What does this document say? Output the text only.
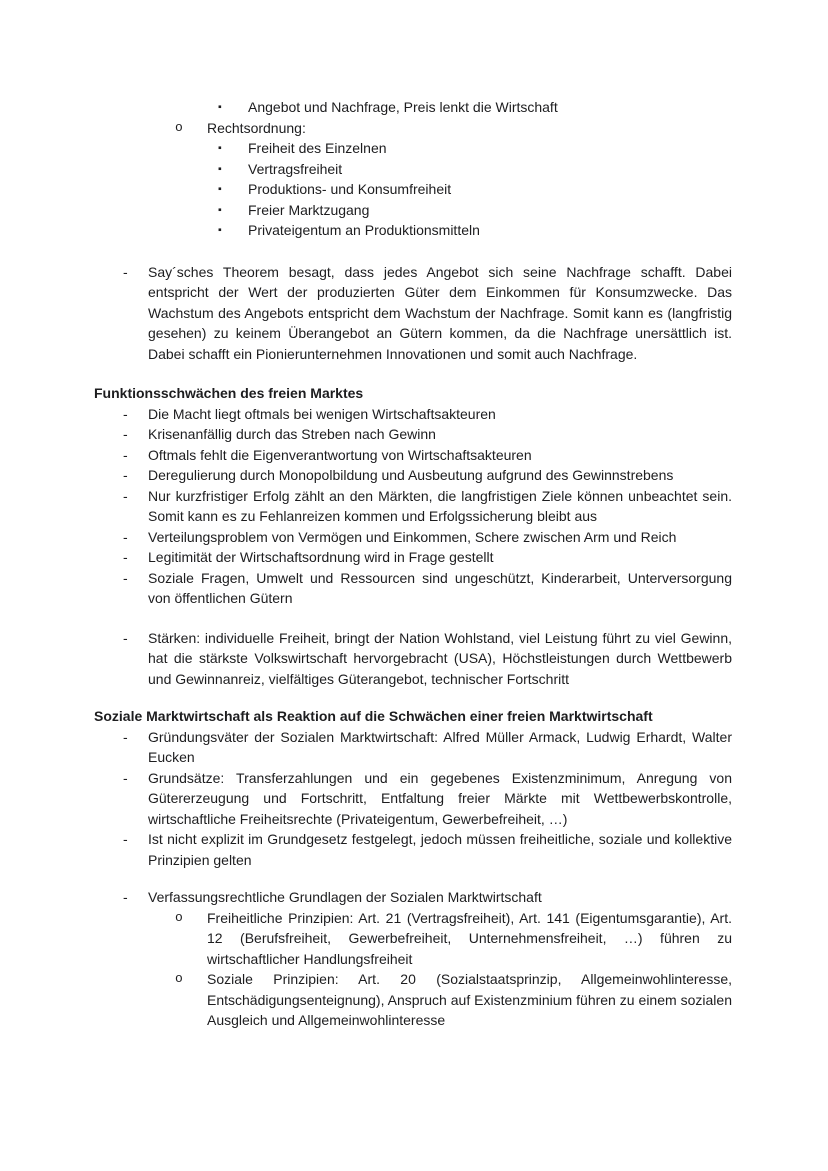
▪ Angebot und Nachfrage, Preis lenkt die Wirtschaft
o Rechtsordnung:
▪ Freiheit des Einzelnen
▪ Vertragsfreiheit
▪ Produktions- und Konsumfreiheit
▪ Freier Marktzugang
▪ Privateigentum an Produktionsmitteln
- Say´sches Theorem besagt, dass jedes Angebot sich seine Nachfrage schafft. Dabei entspricht der Wert der produzierten Güter dem Einkommen für Konsumzwecke. Das Wachstum des Angebots entspricht dem Wachstum der Nachfrage. Somit kann es (langfristig gesehen) zu keinem Überangebot an Gütern kommen, da die Nachfrage unersättlich ist. Dabei schafft ein Pionierunternehmen Innovationen und somit auch Nachfrage.
Funktionsschwächen des freien Marktes
- Die Macht liegt oftmals bei wenigen Wirtschaftsakteuren
- Krisenanfällig durch das Streben nach Gewinn
- Oftmals fehlt die Eigenverantwortung von Wirtschaftsakteuren
- Deregulierung durch Monopolbildung und Ausbeutung aufgrund des Gewinnstrebens
- Nur kurzfristiger Erfolg zählt an den Märkten, die langfristigen Ziele können unbeachtet sein. Somit kann es zu Fehlanreizen kommen und Erfolgssicherung bleibt aus
- Verteilungsproblem von Vermögen und Einkommen, Schere zwischen Arm und Reich
- Legitimität der Wirtschaftsordnung wird in Frage gestellt
- Soziale Fragen, Umwelt und Ressourcen sind ungeschützt, Kinderarbeit, Unterversorgung von öffentlichen Gütern
- Stärken: individuelle Freiheit, bringt der Nation Wohlstand, viel Leistung führt zu viel Gewinn, hat die stärkste Volkswirtschaft hervorgebracht (USA), Höchstleistungen durch Wettbewerb und Gewinnanreiz, vielfältiges Güterangebot, technischer Fortschritt
Soziale Marktwirtschaft als Reaktion auf die Schwächen einer freien Marktwirtschaft
- Gründungsväter der Sozialen Marktwirtschaft: Alfred Müller Armack, Ludwig Erhardt, Walter Eucken
- Grundsätze: Transferzahlungen und ein gegebenes Existenzminimum, Anregung von Gütererzeugung und Fortschritt, Entfaltung freier Märkte mit Wettbewerbskontrolle, wirtschaftliche Freiheitsrechte (Privateigentum, Gewerbefreiheit, …)
- Ist nicht explizit im Grundgesetz festgelegt, jedoch müssen freiheitliche, soziale und kollektive Prinzipien gelten
- Verfassungsrechtliche Grundlagen der Sozialen Marktwirtschaft
o Freiheitliche Prinzipien: Art. 21 (Vertragsfreiheit), Art. 141 (Eigentumsgarantie), Art. 12 (Berufsfreiheit, Gewerbefreiheit, Unternehmensfreiheit, …) führen zu wirtschaftlicher Handlungsfreiheit
o Soziale Prinzipien: Art. 20 (Sozialstaatsprinzip, Allgemeinwohlinteresse, Entschädigungsenteignung), Anspruch auf Existenzminium führen zu einem sozialen Ausgleich und Allgemeinwohlinteresse
